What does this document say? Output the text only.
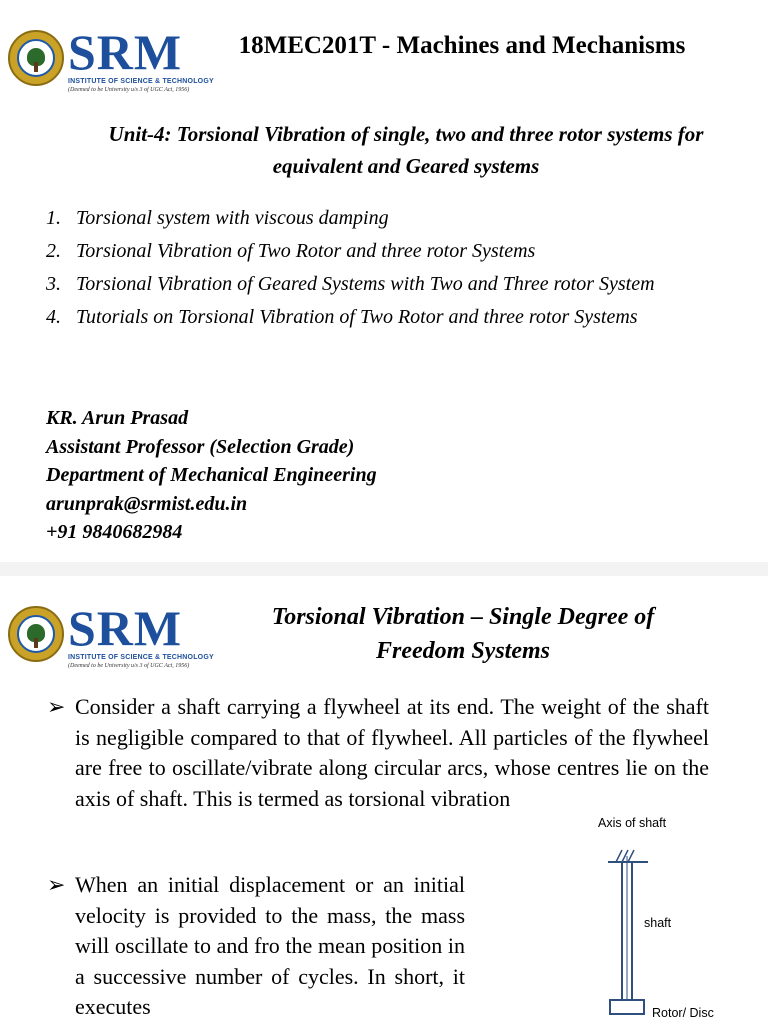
SRM
INSTITUTE OF SCIENCE & TECHNOLOGY
(Deemed to be University u/s 3 of UGC Act, 1956)
18MEC201T - Machines and Mechanisms
Unit-4: Torsional Vibration of single, two and three rotor systems for equivalent and Geared systems
1. Torsional system with viscous damping
2. Torsional Vibration of Two Rotor and three rotor Systems
3. Torsional Vibration of Geared Systems with Two and Three rotor System
4. Tutorials on Torsional Vibration of Two Rotor and three rotor Systems
KR. Arun Prasad
Assistant Professor (Selection Grade)
Department of Mechanical Engineering
arunprak@srmist.edu.in
+91 9840682984
SRM
INSTITUTE OF SCIENCE & TECHNOLOGY
(Deemed to be University u/s 3 of UGC Act, 1956)
Torsional Vibration – Single Degree of Freedom Systems
➢ Consider a shaft carrying a flywheel at its end. The weight of the shaft is negligible compared to that of flywheel. All particles of the flywheel are free to oscillate/vibrate along circular arcs, whose centres lie on the axis of shaft. This is termed as torsional vibration
➢ When an initial displacement or an initial velocity is provided to the mass, the mass will oscillate to and fro the mean position in a successive number of cycles. In short, it executes
Axis of shaft
shaft
Rotor/ Disc
